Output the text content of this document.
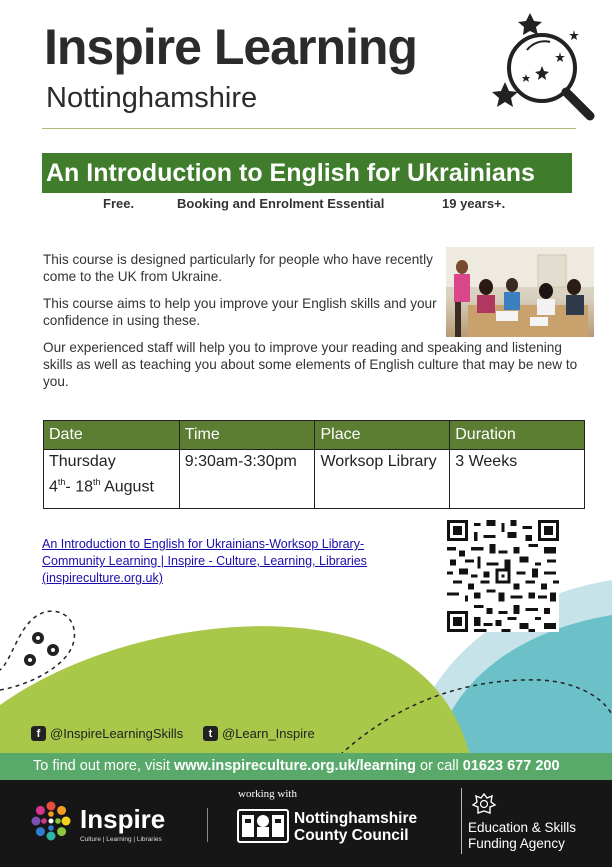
Inspire Learning
Nottinghamshire
An Introduction to English for Ukrainians
Free.	Booking and Enrolment Essential	19 years+.
This course is designed particularly for people who have recently come to the UK from Ukraine.
This course aims to help you improve your English skills and your confidence in using these.
Our experienced staff will help you to improve your reading and speaking and listening skills as well as teaching you about some elements of English culture that may be new to you.
Date	Time	Place	Duration
Thursday
4th- 18th August	9:30am-3:30pm	Worksop Library	3 Weeks
An Introduction to English for Ukrainians-Worksop Library-Community Learning | Inspire - Culture, Learning, Libraries (inspireculture.org.uk)
f @InspireLearningSkills	t @Learn_Inspire
To find out more, visit www.inspireculture.org.uk/learning or call 01623 677 200
Inspire
Culture | Learning | Libraries
working with
Nottinghamshire
County Council	Education & Skills
Funding Agency
